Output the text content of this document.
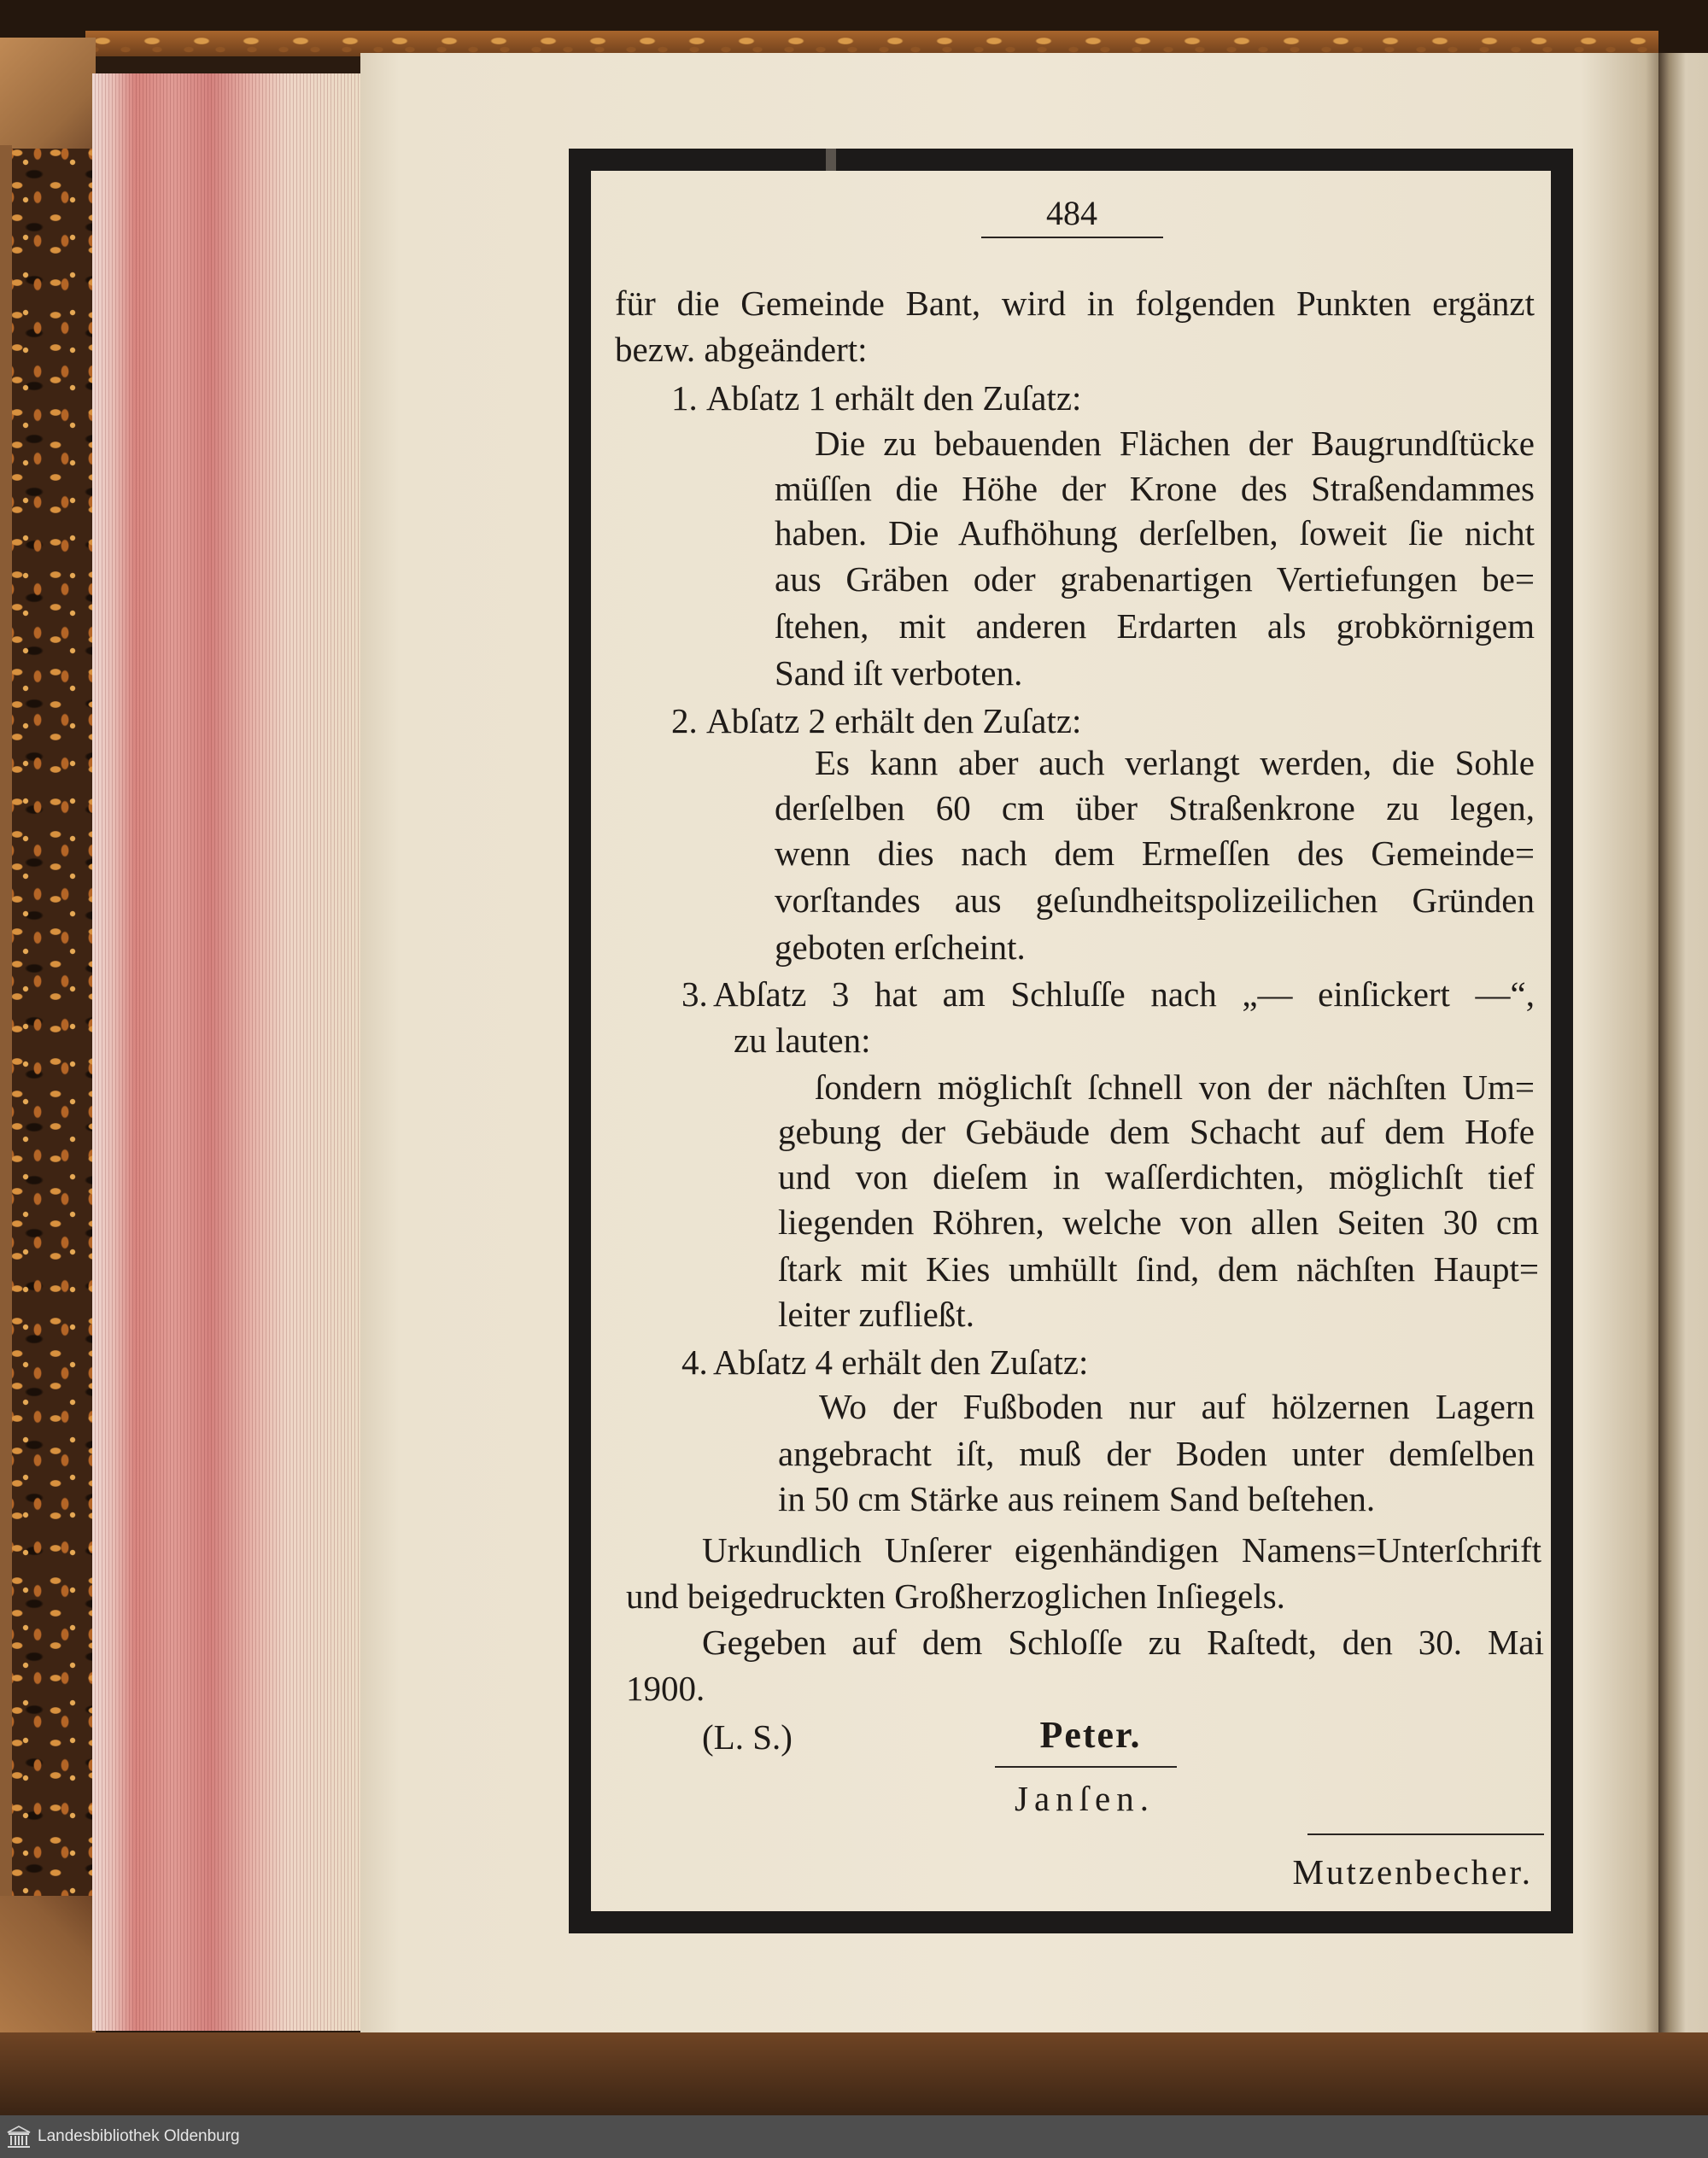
484
für die Gemeinde Bant, wird in folgenden Punkten ergänzt
bezw. abgeändert:
1. Abſatz 1 erhält den Zuſatz:
Die zu bebauenden Flächen der Baugrundſtücke
müſſen die Höhe der Krone des Straßendammes
haben. Die Aufhöhung derſelben, ſoweit ſie nicht
aus Gräben oder grabenartigen Vertiefungen be=
ſtehen, mit anderen Erdarten als grobkörnigem
Sand iſt verboten.
2. Abſatz 2 erhält den Zuſatz:
Es kann aber auch verlangt werden, die Sohle
derſelben 60 cm über Straßenkrone zu legen,
wenn dies nach dem Ermeſſen des Gemeinde=
vorſtandes aus geſundheitspolizeilichen Gründen
geboten erſcheint.
3. Abſatz 3 hat am Schluſſe nach „— einſickert —“,
zu lauten:
ſondern möglichſt ſchnell von der nächſten Um=
gebung der Gebäude dem Schacht auf dem Hofe
und von dieſem in waſſerdichten, möglichſt tief
liegenden Röhren, welche von allen Seiten 30 cm
ſtark mit Kies umhüllt ſind, dem nächſten Haupt=
leiter zufließt.
4. Abſatz 4 erhält den Zuſatz:
Wo der Fußboden nur auf hölzernen Lagern
angebracht iſt, muß der Boden unter demſelben
in 50 cm Stärke aus reinem Sand beſtehen.
Urkundlich Unſerer eigenhändigen Namens=Unterſchrift
und beigedruckten Großherzoglichen Inſiegels.
Gegeben auf dem Schloſſe zu Raſtedt, den 30. Mai
1900.
(L. S.)	Peter.
Janſen.
Mutzenbecher.
Landesbibliothek Oldenburg
